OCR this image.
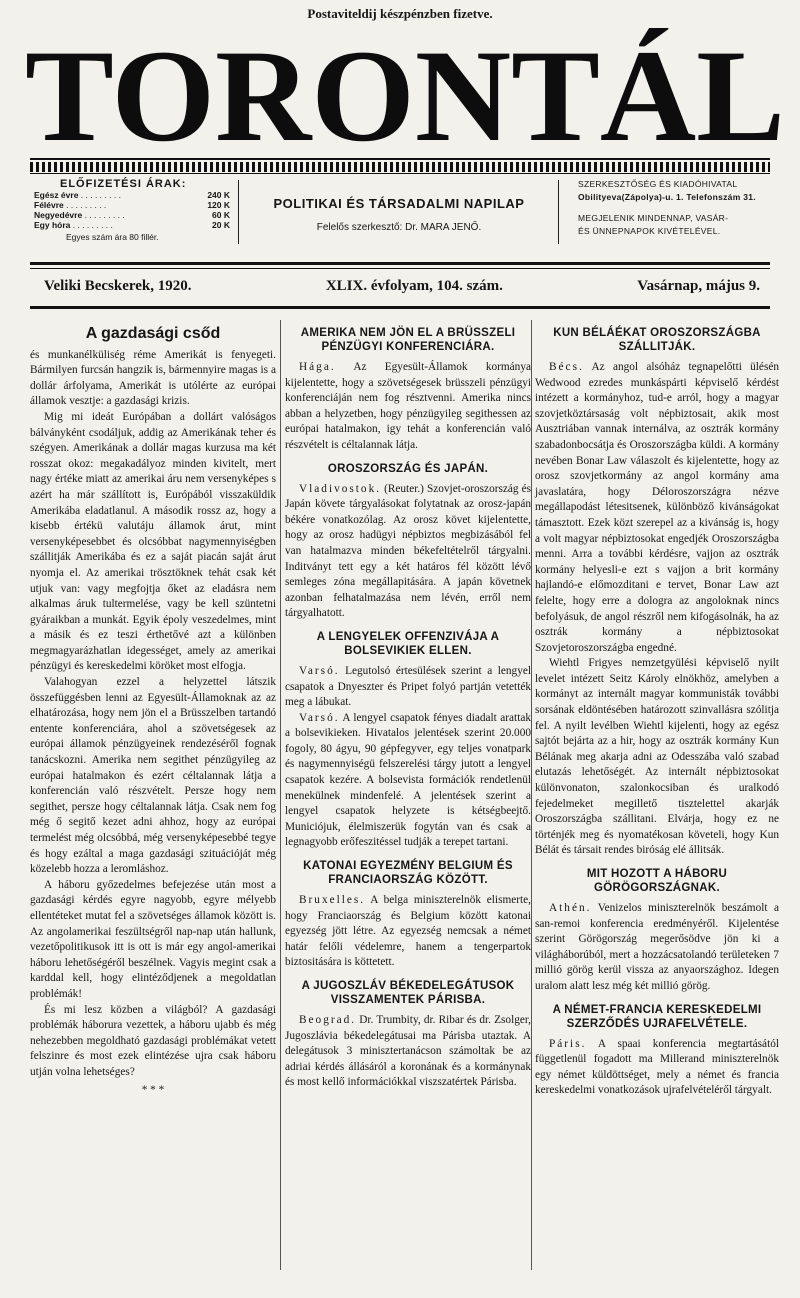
Postaviteldij készpénzben fizetve.
TORONTÁL
ELŐFIZETÉSI ÁRAK:
Egész évre . . .	240 K
Félévre . . .	120 K
Negyedévre . . .	60 K
Egy hóra . . .	20 K
Egyes szám ára 80 fillér.
POLITIKAI ÉS TÁRSADALMI NAPILAP
Felelős szerkesztő: Dr. MARA JENŐ.
SZERKESZTŐSÉG ÉS KIADÓHIVATAL
Obilityeva(Zápolya)-u. 1. Telefonszám 31.
MEGJELENIK MINDENNAP, VASÁR-
ÉS ÜNNEPNAPOK KIVÉTELÉVEL.
Veliki Becskerek, 1920.	XLIX. évfolyam, 104. szám.	Vasárnap, május 9.
A gazdasági csőd

és munkanélküliség réme Amerikát is fenyegeti. Bármilyen furcsán hangzik is, bármennyire magas is a dollár árfolyama, Amerikát is utólérte az európai államok vesztje: a gazdasági krizis.

Mig mi ideát Európában a dollárt valóságos bálványként csodáljuk, addig az Amerikának teher és szégyen. Amerikának a dollár magas kurzusa ma két rosszat okoz: megakadályoz minden kivitelt, mert nagy értéke miatt az amerikai áru nem versenyképes s azért ha már szállított is, Európából visszaküldik Amerikába eladatlanul. A második rossz az, hogy a kisebb értékü valutáju államok árut, mint versenyképesebbet és olcsóbbat nagymennyiségben szállitják Amerikába és ez a saját piacán saját árut nyomja el. Az amerikai trösztöknek tehát csak két utjuk van: vagy megfojtja őket az eladásra nem alkalmas áruk tultermelése, vagy be kell szüntetni gyáraikban a munkát. Egyik époly veszedelmes, mint a másik és ez teszi érthetővé azt a különben megmagyarázhatlan idegességet, amely az amerikai pénzügyi és kereskedelmi köröket most elfogja.

Valahogyan ezzel a helyzettel látszik összefüggésben lenni az Egyesült-Államoknak az az elhatározása, hogy nem jön el a Brüsszelben tartandó entente konferenciára, ahol a szövetségesek az európai államok pénzügyeinek rendezéséről fognak tanácskozni. Amerika nem segithet pénzügyileg az európai hatalmakon és ezért céltalannak látja a konferencián való részvételt. Persze hogy nem segithet, persze hogy céltalannak látja. Csak nem fog még ő segitő kezet adni ahhoz, hogy az európai termelést még olcsóbbá, még versenyképesebbé tegye és hogy ezáltal a maga gazdasági szituációját még közelebb hozza a leromláshoz.

A háboru győzedelmes befejezése után most a gazdasági kérdés egyre nagyobb, egyre mélyebb ellentéteket mutat fel a szövetséges államok között is. Az angolamerikai feszültségről nap-nap után hallunk, vezetőpolitikusok itt is ott is már egy angol-amerikai háboru lehetőségéről beszélnek. Vagyis megint csak a karddal kell, hogy elintéződjenek a megoldatlan problémák!

És mi lesz közben a világból? A gazdasági problémák háborura vezettek, a háboru ujabb és még nehezebben megoldható gazdasági problémákat vetett felszinre és most ezek elintézése ujra csak háboru utján volna lehetséges?

* * *
AMERIKA NEM JÖN EL A BRÜSSZELI PÉNZÜGYI KONFERENCIÁRA.

Hága. Az Egyesült-Államok kormánya kijelentette, hogy a szövetségesek brüsszeli pénzügyi konferenciáján nem fog résztvenni. Amerika nincs abban a helyzetben, hogy pénzügyileg segithessen az európai hatalmakon, igy tehát a konferencián való részvételt is céltalannak látja.

OROSZORSZÁG ÉS JAPÁN.

Vladivostok. (Reuter.) Szovjet-oroszország és Japán követe tárgyalásokat folytatnak az orosz-japán békére vonatkozólag. Az orosz követ kijelentette, hogy az orosz hadügyi népbiztos megbizásából fel van hatalmazva minden békefeltételről tárgyalni. Inditványt tett egy a két határos fél között lévő semleges zóna megállapitására. A japán követnek azonban felhatalmazása nem lévén, erről nem tárgyalhatott.

A LENGYELEK OFFENZIVÁJA A BOLSEVIKIEK ELLEN.

Varsó. Legutolsó értesülések szerint a lengyel csapatok a Dnyeszter és Pripet folyó partján vetették meg a lábukat.

Varsó. A lengyel csapatok fényes diadalt arattak a bolsevikieken. Hivatalos jelentések szerint 20.000 fogoly, 80 ágyu, 90 gépfegyver, egy teljes vonatpark és nagymennyiségü felszerelési tárgy jutott a lengyel csapatok kezére. A bolsevista formációk rendetlenül menekülnek mindenfelé. A jelentések szerint a lengyel csapatok helyzete is kétségbeejtő. Municiójuk, élelmiszerük fogytán van és csak a legnagyobb erőfeszitéssel tudják a terepet tartani.

KATONAI EGYEZMÉNY BELGIUM ÉS FRANCIAORSZÁG KÖZÖTT.

Bruxelles. A belga miniszterelnök elismerte, hogy Franciaország és Belgium között katonai egyezség jött létre. Az egyezség nemcsak a német határ felőli védelemre, hanem a tengerpartok biztositására is köttetett.

A JUGOSZLÁV BÉKEDELEGÁTUSOK VISSZAMENTEK PÁRISBA.

Beograd. Dr. Trumbity, dr. Ribar és dr. Zsolger, Jugoszlávia békedelegátusai ma Párisba utaztak. A delegátusok 3 minisztertanácson számoltak be az adriai kérdés állásáról a koronának és a kormánynak és most kellő információkkal viszszatértek Párisba.

KUN BÉLÁÉKAT OROSZORSZÁGBA SZÁLLITJÁK.

Bécs. Az angol alsóház tegnapelőtti ülésén Wedwood ezredes munkáspárti képviselő kérdést intézett a kormányhoz, tud-e arról, hogy a magyar szovjetköztársaság volt népbiztosait, akik most Ausztriában vannak internálva, az osztrák kormány szabadonbocsátja és Oroszországba küldi. A kormány nevében Bonar Law válaszolt és kijelentette, hogy az orosz szovjetkormány az angol kormány ama javaslatára, hogy Déloroszországra nézve megállapodást létesitsenek, különböző kivánságokat támasztott. Ezek közt szerepel az a kivánság is, hogy a volt magyar népbiztosokat engedjék Oroszországba menni. Arra a további kérdésre, vajjon az osztrák kormány helyesli-e ezt s vajjon a brit kormány hajlandó-e előmozditani e tervet, Bonar Law azt felelte, hogy erre a dologra az angoloknak nincs befolyásuk, de angol részről nem kifogásolnák, ha az osztrák kormány a népbiztosokat Szovjetoroszországba engedné.

Wiehtl Frigyes nemzetgyülési képviselő nyilt levelet intézett Seitz Károly elnökhöz, amelyben a kormányt az internált magyar kommunisták további sorsának eldöntésében határozott szinvallásra szólitja fel. A nyilt levélben Wiehtl kijelenti, hogy az egész sajtót bejárta az a hir, hogy az osztrák kormány Kun Bélának meg akarja adni az Odesszába való szabad elutazás lehetőségét. Az internált népbiztosokat különvonaton, szalonkocsiban és uralkodó fejedelmeket megillető tisztelettel akarják Oroszországba szállitani. Elvárja, hogy ez ne történjék meg és nyomatékosan követeli, hogy Kun Bélát és társait rendes biróság elé állitsák.

MIT HOZOTT A HÁBORU GÖRÖGORSZÁGNAK.

Athén. Venizelos miniszterelnök beszámolt a san-remoi konferencia eredményéről. Kijelentése szerint Görögország megerősödve jön ki a világháborúból, mert a hozzácsatolandó területeken 7 millió görög kerül vissza az anyaországhoz. Idegen uralom alatt lesz még két millió görög.

A NÉMET-FRANCIA KERESKEDELMI SZERZŐDÉS UJRAFELVÉTELE.

Páris. A spaai konferencia megtartásától függetlenül fogadott ma Millerand miniszterelnök egy német küldöttséget, mely a német és francia kereskedelmi vonatkozások ujrafelvételéről tárgyalt.
